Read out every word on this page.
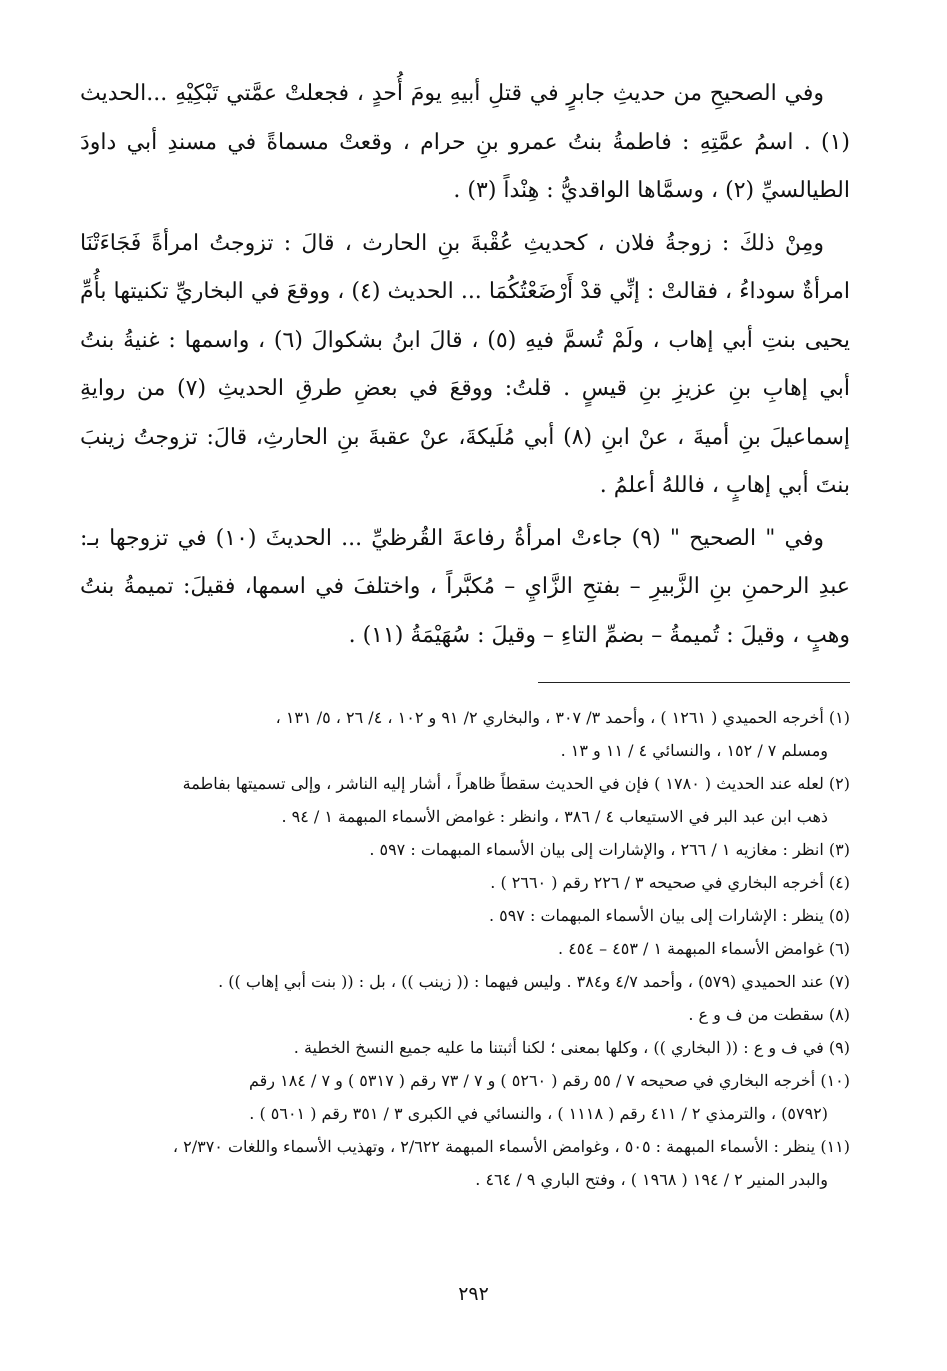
وفي الصحيحِ من حديثِ جابرٍ في قتلِ أبيهِ يومَ أُحدٍ ، فجعلتْ عمَّتي تَبْكِيْهِ ...الحديث (١) . اسمُ عمَّتِهِ : فاطمةُ بنتُ عمرو بنِ حرام ، وقعتْ مسماةً في مسندِ أبي داودَ الطيالسيِّ (٢) ، وسمَّاها الواقديُّ : هِنْداً (٣) .

ومِنْ ذلكَ : زوجةُ فلان ، كحديثِ عُقْبةَ بنِ الحارث ، قالَ : تزوجتُ امرأةً فَجَاءَتْنَا امرأةٌ سوداءُ ، فقالتْ : إنِّي قدْ أَرْضَعْتُكُمَا ... الحديث (٤) ، ووقعَ في البخاريِّ تكنيتها بأُمِّ يحيى بنتِ أبي إهاب ، ولَمْ تُسمَّ فيهِ (٥) ، قالَ ابنُ بشكوالَ (٦) ، واسمها : غنيةُ بنتُ أبي إهابِ بنِ عزيزِ بنِ قيسٍ . قلتُ: ووقعَ في بعضِ طرقِ الحديثِ (٧) من روايةِ إسماعيلَ بنِ أميةَ ، عنْ ابنِ (٨) أبي مُلَيكةَ، عنْ عقبةَ بنِ الحارثِ، قالَ: تزوجتُ زينبَ بنتَ أبي إهابٍ ، فاللهُ أعلمُ .

وفي " الصحيح " (٩) جاءتْ امرأةُ رفاعةَ القُرظيِّ ... الحديثَ (١٠) في تزوجها بـ: عبدِ الرحمنِ بنِ الزَّبيرِ – بفتحِ الزَّايِ – مُكبَّراً ، واختلفَ في اسمها، فقيلَ: تميمةُ بنتُ وهبٍ ، وقيلَ : تُميمةُ – بضمِّ التاءِ – وقيلَ : سُهَيْمَةُ (١١) .

(١) أخرجه الحميدي ( ١٢٦١ ) ، وأحمد ٣/ ٣٠٧ ، والبخاري ٢/ ٩١ و ١٠٢ ، ٤/ ٢٦ ، ٥/ ١٣١ ،
ومسلم ٧ / ١٥٢ ، والنسائي ٤ / ١١ و ١٣ .
(٢) لعله عند الحديث ( ١٧٨٠ ) فإن في الحديث سقطاً ظاهراً ، أشار إليه الناشر ، وإلى تسميتها بفاطمة
ذهب ابن عبد البر في الاستيعاب ٤ / ٣٨٦ ، وانظر : غوامض الأسماء المبهمة ١ / ٩٤ .
(٣) انظر : مغازيه ١ / ٢٦٦ ، والإشارات إلى بيان الأسماء المبهمات : ٥٩٧ .
(٤) أخرجه البخاري في صحيحه ٣ / ٢٢٦ رقم ( ٢٦٦٠ ) .
(٥) ينظر : الإشارات إلى بيان الأسماء المبهمات : ٥٩٧ .
(٦) غوامض الأسماء المبهمة ١ / ٤٥٣ – ٤٥٤ .
(٧) عند الحميدي (٥٧٩) ، وأحمد ٤/٧ و٣٨٤ . وليس فيهما : (( زينب )) ، بل : (( بنت أبي إهاب )) .
(٨) سقطت من ف و ع .
(٩) في ف و ع : (( البخاري )) ، وكلها بمعنى ؛ لكنا أثبتنا ما عليه جميع النسخ الخطية .
(١٠) أخرجه البخاري في صحيحه ٧ / ٥٥ رقم ( ٥٢٦٠ ) و ٧ / ٧٣ رقم ( ٥٣١٧ ) و ٧ / ١٨٤ رقم
(٥٧٩٢) ، والترمذي ٢ / ٤١١ رقم ( ١١١٨ ) ، والنسائي في الكبرى ٣ / ٣٥١ رقم ( ٥٦٠١ ) .
(١١) ينظر : الأسماء المبهمة : ٥٠٥ ، وغوامض الأسماء المبهمة ٢/٦٢٢ ، وتهذيب الأسماء واللغات ٢/٣٧٠ ،
والبدر المنير ٢ / ١٩٤ ( ١٩٦٨ ) ، وفتح الباري ٩ / ٤٦٤ .
٢٩٢
